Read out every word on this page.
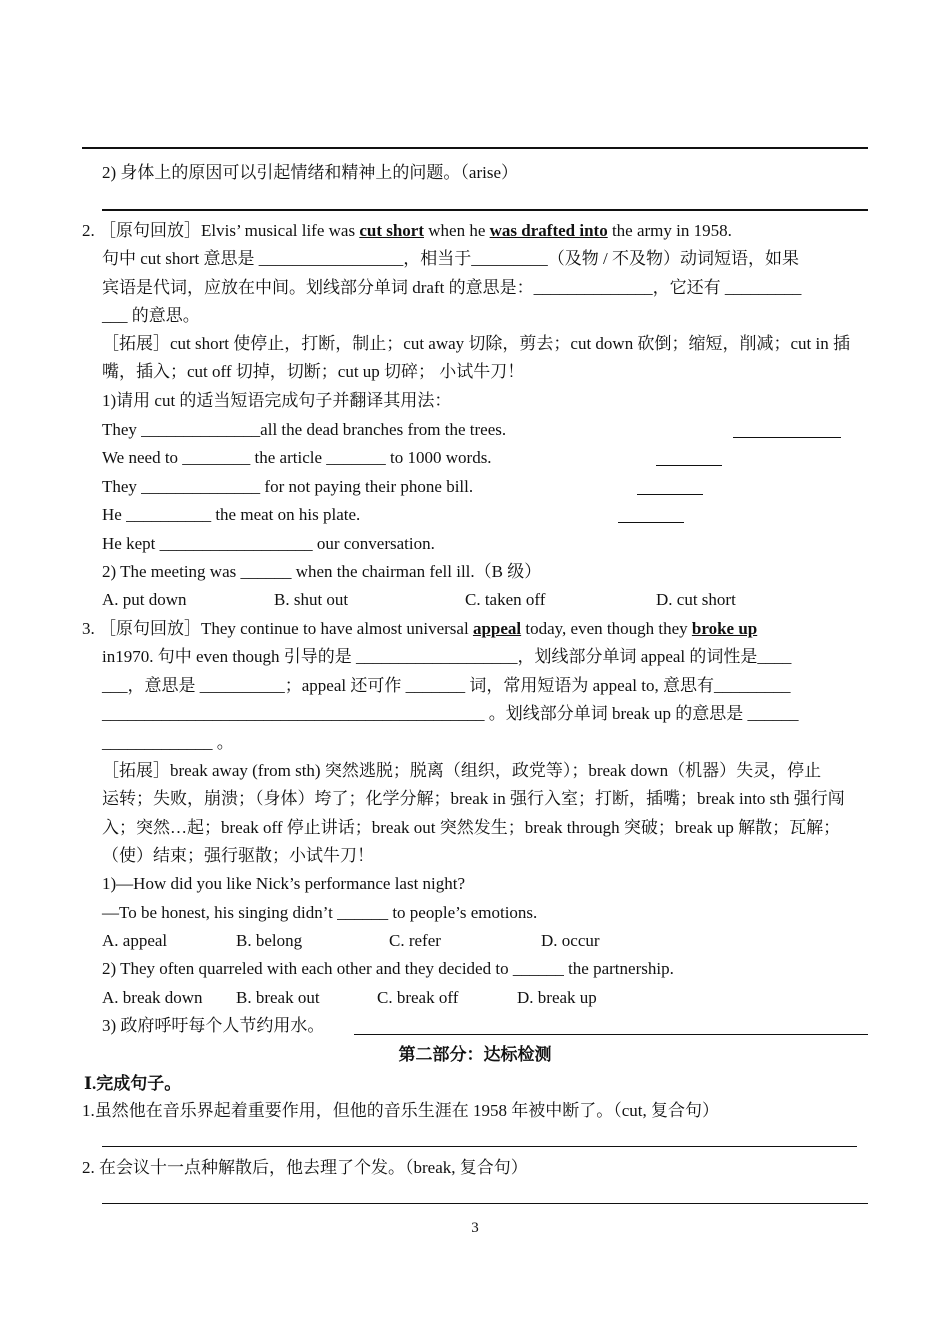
2) 身体上的原因可以引起情绪和精神上的问题。（arise）
2. ［原句回放］Elvis’ musical life was cut short when he was drafted into the army in 1958.
句中 cut short 意思是 _________________，相当于_________（及物 / 不及物）动词短语，如果
宾语是代词，应放在中间。划线部分单词 draft 的意思是：______________，它还有 _________
___ 的意思。
［拓展］cut short 使停止，打断，制止；cut away 切除，剪去；cut down 砍倒；缩短，削减；cut in 插
嘴，插入；cut off 切掉，切断；cut up 切碎； 小试牛刀！
1)请用 cut 的适当短语完成句子并翻译其用法：
They ______________all the dead branches from the trees.
We need to ________ the article _______ to 1000 words.
They ______________ for not paying their phone bill.
He __________ the meat on his plate.
He kept __________________ our conversation.
2) The meeting was ______ when the chairman fell ill.（B 级）
A. put down	B. shut out	C. taken off	D. cut short
3. ［原句回放］They continue to have almost universal appeal today, even though they broke up
in1970. 句中 even though 引导的是 ___________________，划线部分单词 appeal 的词性是____
___，意思是 __________；appeal 还可作 _______ 词，常用短语为 appeal to, 意思有_________
_____________________________________________ 。划线部分单词 break up 的意思是 ______
_____________ 。
［拓展］break away (from sth) 突然逃脱；脱离（组织，政党等）；break down（机器）失灵，停止
运转；失败，崩溃；（身体）垮了；化学分解；break in 强行入室；打断，插嘴；break into sth 强行闯
入；突然…起；break off 停止讲话；break out 突然发生；break through 突破；break up 解散；瓦解；
（使）结束；强行驱散；小试牛刀！
1)—How did you like Nick’s performance last night?
—To be honest, his singing didn’t ______ to people’s emotions.
A. appeal	B. belong	C. refer	D. occur
2) They often quarreled with each other and they decided to ______ the partnership.
A. break down B. break out	C. break off	D. break up
3) 政府呼吁每个人节约用水。
第二部分：达标检测
Ⅰ.完成句子。
1.虽然他在音乐界起着重要作用，但他的音乐生涯在 1958 年被中断了。（cut, 复合句）
2. 在会议十一点种解散后，他去理了个发。（break, 复合句）
3
